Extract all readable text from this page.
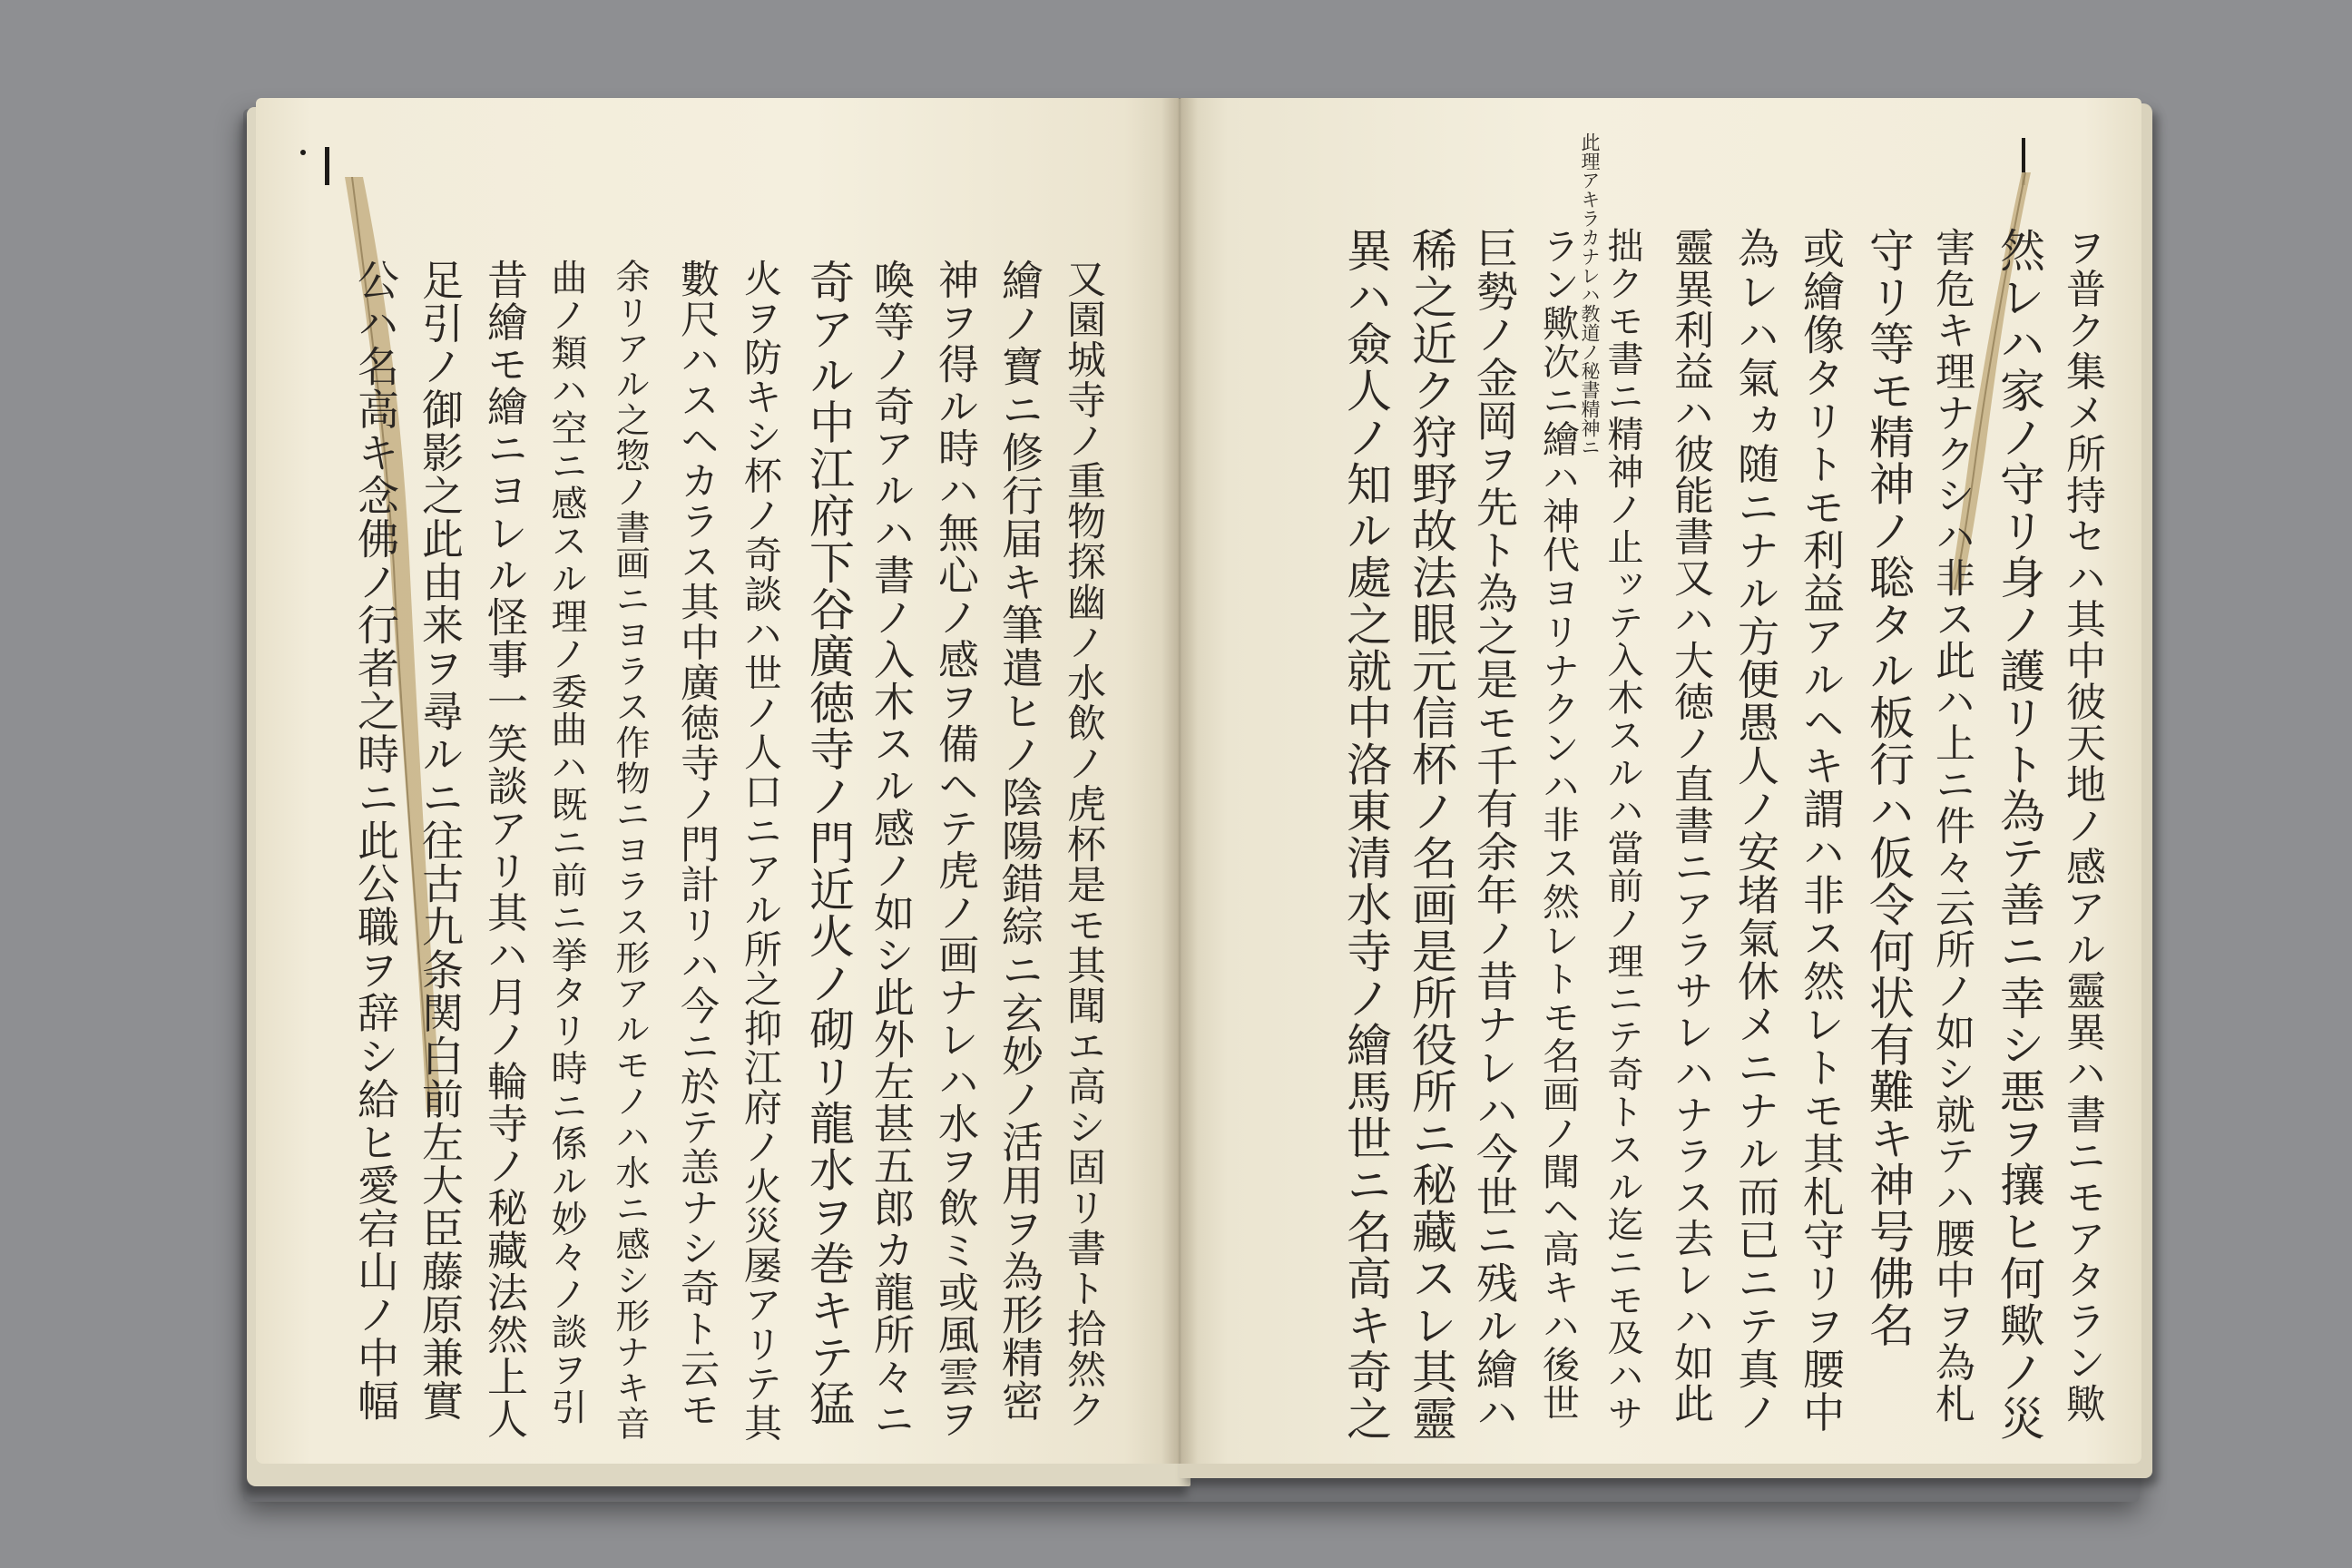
此理アキラカナレハ教道ノ秘書精神ニ	ヲ普ク集メ所持セハ其中彼天地ノ感アル靈異ハ書ニモアタラン歟
然レハ家ノ守リ身ノ護リト為テ善ニ幸シ悪ヲ攘ヒ何歟ノ災
害危キ理ナクシハ非ス此ハ上ニ件々云所ノ如シ就テハ腰中ヲ為札
守リ等モ精神ノ聡タル板行ハ仮令何状有難キ神号佛名
或繪像タリトモ利益アルヘキ謂ハ非ス然レトモ其札守リヲ腰中
為レハ氣ヵ随ニナル方便愚人ノ安堵氣休メニナル而已ニテ真ノ
靈異利益ハ彼能書又ハ大徳ノ直書ニアラサレハナラス去レハ如此
拙クモ書ニ精神ノ止ッテ入木スルハ當前ノ理ニテ奇トスル迄ニモ及ハサ
ラン歟次ニ繪ハ神代ヨリナクンハ非ス然レトモ名画ノ聞ヘ高キハ後世
巨勢ノ金岡ヲ先ト為之是モ千有余年ノ昔ナレハ今世ニ残ル繪ハ
稀之近ク狩野故法眼元信杯ノ名画是所役所ニ秘藏スレ其靈
異ハ僉人ノ知ル處之就中洛東清水寺ノ繪馬世ニ名高キ奇之
又園城寺ノ重物探幽ノ水飲ノ虎杯是モ其聞エ高シ固リ書ト拾然ク
繪ノ寶ニ修行届キ筆遣ヒノ陰陽錯綜ニ玄妙ノ活用ヲ為形精密
神ヲ得ル時ハ無心ノ感ヲ備ヘテ虎ノ画ナレハ水ヲ飲ミ或風雲ヲ
喚等ノ奇アルハ書ノ入木スル感ノ如シ此外左甚五郎カ龍所々ニ
奇アル中江府下谷廣徳寺ノ門近火ノ砌リ龍水ヲ巻キテ猛
火ヲ防キシ杯ノ奇談ハ世ノ人口ニアル所之抑江府ノ火災屡アリテ其
數尺ハスヘカラス其中廣徳寺ノ門計リハ今ニ於テ恙ナシ奇ト云モ
余リアル之惣ノ書画ニヨラス作物ニヨラス形アルモノハ水ニ感シ形ナキ音
曲ノ類ハ空ニ感スル理ノ委曲ハ既ニ前ニ挙タリ時ニ係ル妙々ノ談ヲ引
昔繪モ繪ニヨレル怪事一笑談アリ其ハ月ノ輪寺ノ秘藏法然上人
足引ノ御影之此由来ヲ尋ルニ往古九条関白前左大臣藤原兼實
公ハ名高キ念佛ノ行者之時ニ此公職ヲ辞シ給ヒ愛宕山ノ中幅
